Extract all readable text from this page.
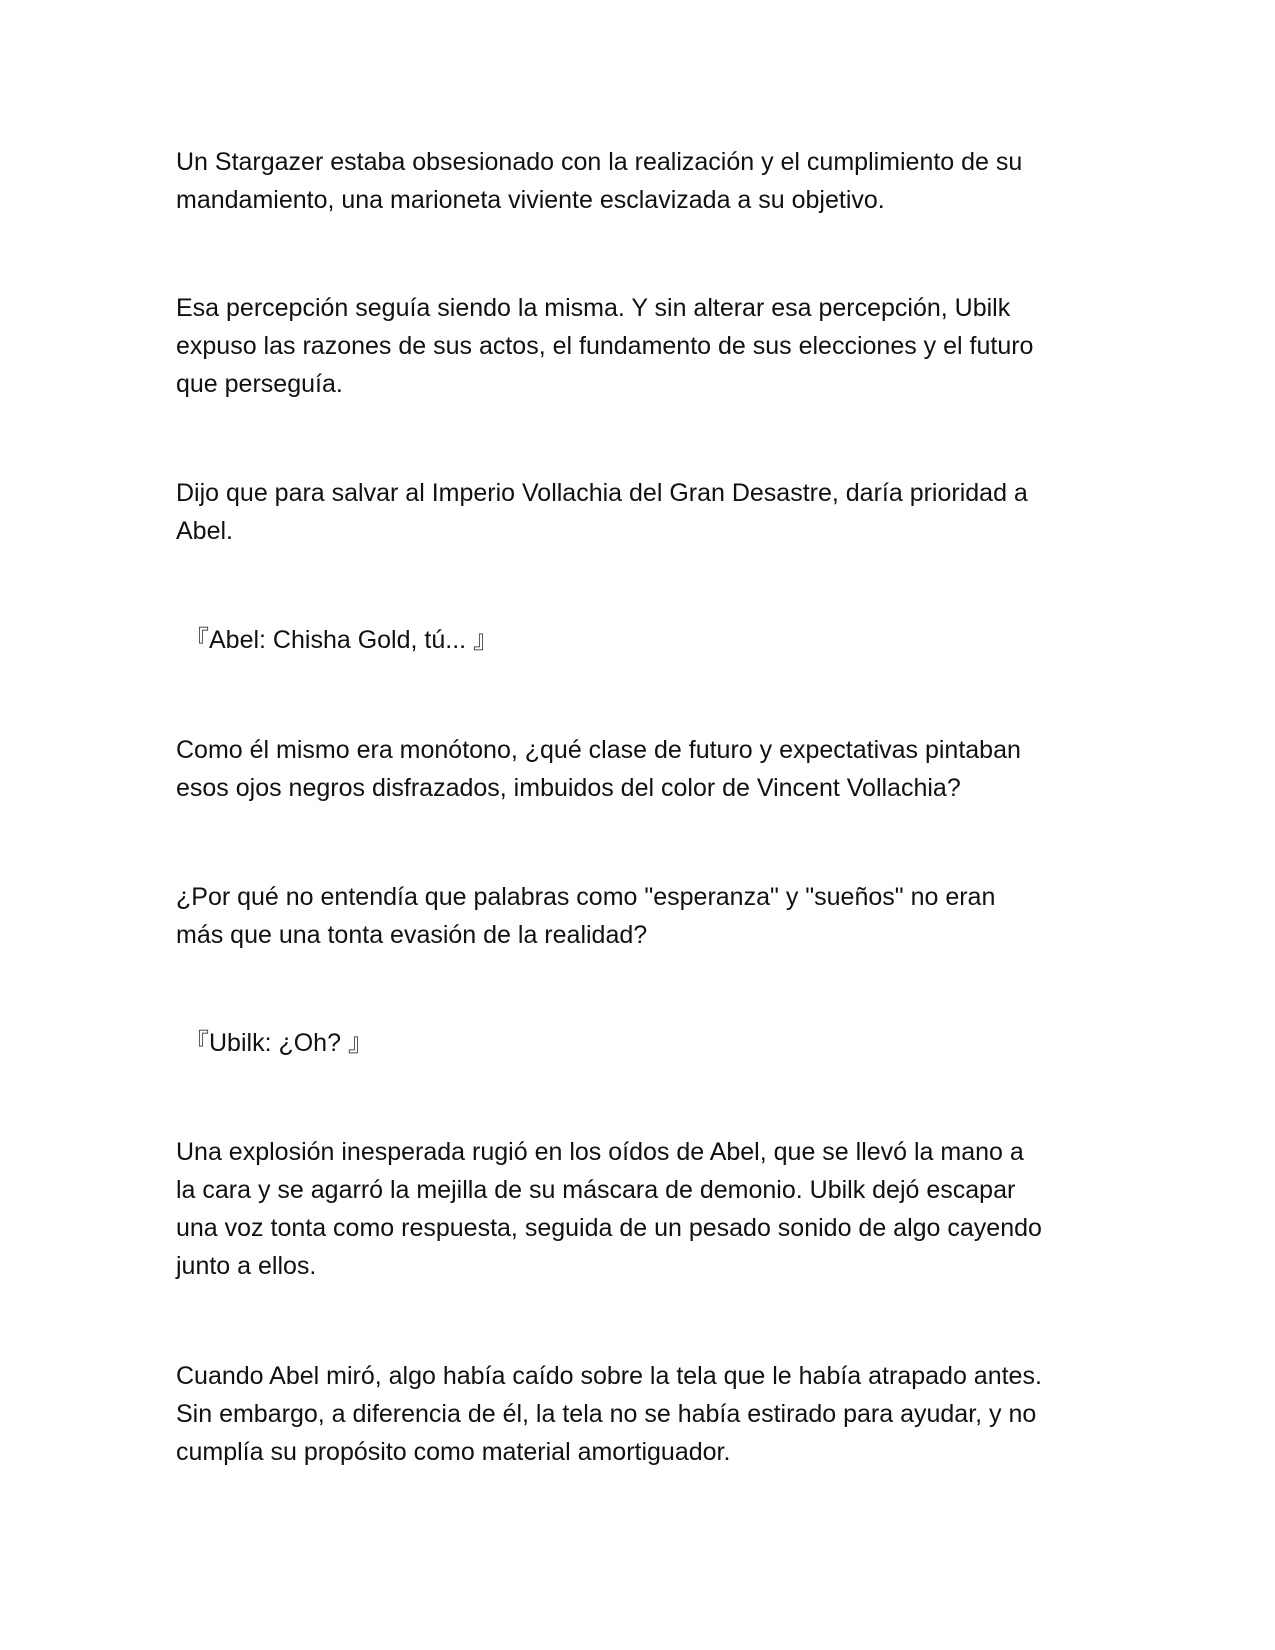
Un Stargazer estaba obsesionado con la realización y el cumplimiento de su
mandamiento, una marioneta viviente esclavizada a su objetivo.

Esa percepción seguía siendo la misma. Y sin alterar esa percepción, Ubilk
expuso las razones de sus actos, el fundamento de sus elecciones y el futuro
que perseguía.

Dijo que para salvar al Imperio Vollachia del Gran Desastre, daría prioridad a
Abel.

『Abel: Chisha Gold, tú... 』

Como él mismo era monótono, ¿qué clase de futuro y expectativas pintaban
esos ojos negros disfrazados, imbuidos del color de Vincent Vollachia?

¿Por qué no entendía que palabras como "esperanza" y "sueños" no eran
más que una tonta evasión de la realidad?

『Ubilk: ¿Oh? 』

Una explosión inesperada rugió en los oídos de Abel, que se llevó la mano a
la cara y se agarró la mejilla de su máscara de demonio. Ubilk dejó escapar
una voz tonta como respuesta, seguida de un pesado sonido de algo cayendo
junto a ellos.

Cuando Abel miró, algo había caído sobre la tela que le había atrapado antes.
Sin embargo, a diferencia de él, la tela no se había estirado para ayudar, y no
cumplía su propósito como material amortiguador.
